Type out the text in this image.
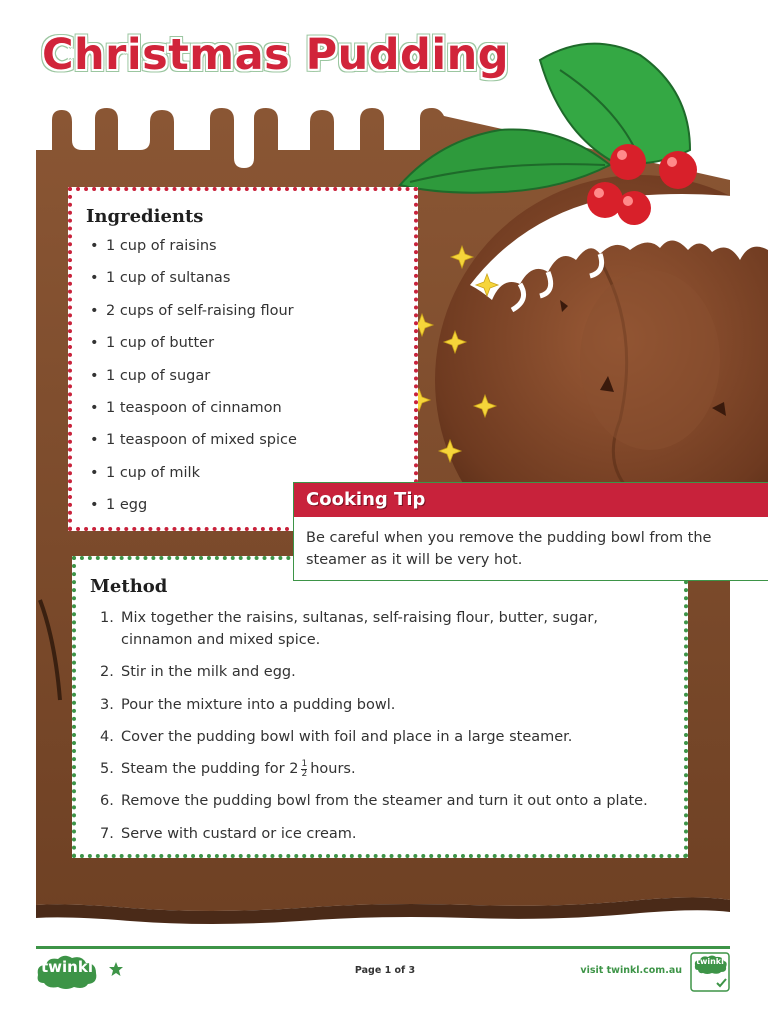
Christmas Pudding
Ingredients
• 1 cup of raisins
• 1 cup of sultanas
• 2 cups of self-raising flour
• 1 cup of butter
• 1 cup of sugar
• 1 teaspoon of cinnamon
• 1 teaspoon of mixed spice
• 1 cup of milk
• 1 egg
Method
1. Mix together the raisins, sultanas, self-raising flour, butter, sugar, cinnamon and mixed spice.
2. Stir in the milk and egg.
3. Pour the mixture into a pudding bowl.
4. Cover the pudding bowl with foil and place in a large steamer.
5. Steam the pudding for $2 \frac{1}{2}$ hours.
6. Remove the pudding bowl from the steamer and turn it out onto a plate.
7. Serve with custard or ice cream.
Cooking Tip
Be careful when you remove the pudding bowl from the steamer as it will be very hot.
twinkl	Page 1 of 3	visit twinkl.com.au
twinkl
